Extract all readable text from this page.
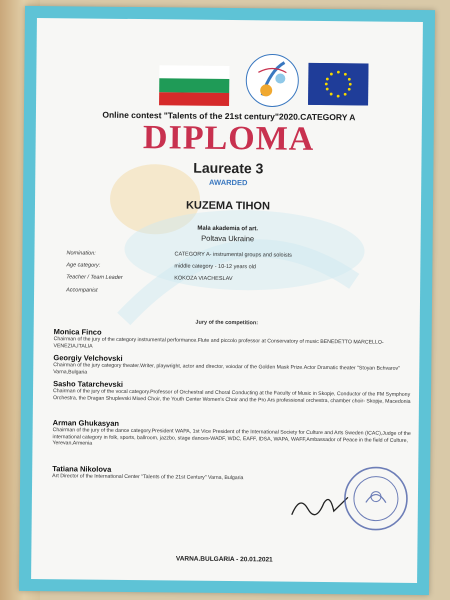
Online contest "Talents of the 21st century"2020.CATEGORY A
DIPLOMA
Laureate 3
AWARDED
KUZEMA TIHON
Mala akademia of art.
Poltava Ukraine
Nomination:	CATEGORY A- instrumental groups and soloists
Age category:	middle category - 10-12 years old
Teacher / Team Leader	KOKOZA VIACHESLAV
Accompanist
Jury of the competition:
Monica Finco
Chairman of the jury of the category instrumental performance.Flute and piccolo professor at Conservatory of music BENEDETTO MARCELLO- VENEZIA,ITALIA
Georgiy Velchovski
Chairman of the jury category theater.Writer, playwright, actor and director, voiodar of the Golden Mask Prize.Actor Dramatic theater "Stoyan Bchvarov" Varna,Bulgaria
Sasho Tatarchevski
Chairman of the jury of the vocal category.Professor of Orchestral and Choral Conducting at the Faculty of Music in Skopje, Conductor of the FM Symphony Orchestra, the Dragan Shuplevski Mixed Choir, the Youth Center Women's Choir and the Pro Ars professional orchestra, chamber choir- Skopje, Macedonia
Arman Ghukasyan
Chairman of the jury of the dance category.President WAPA, 1st Vice President of the International Society for Culture and Arts Sweden (ICAC),Judge of the international category in folk, sports, ballroom, jazzbo, stage dances-WADF, WDC, EAFF, IDSA, WAPA, WAFF,Ambassador of Peace in the field of Culture, Yerevan,Armenia
Tatiana Nikolova
Art Director of the International Center "Talents of the 21st Century" Varna, Bulgaria
VARNA.BULGARIA - 20.01.2021
